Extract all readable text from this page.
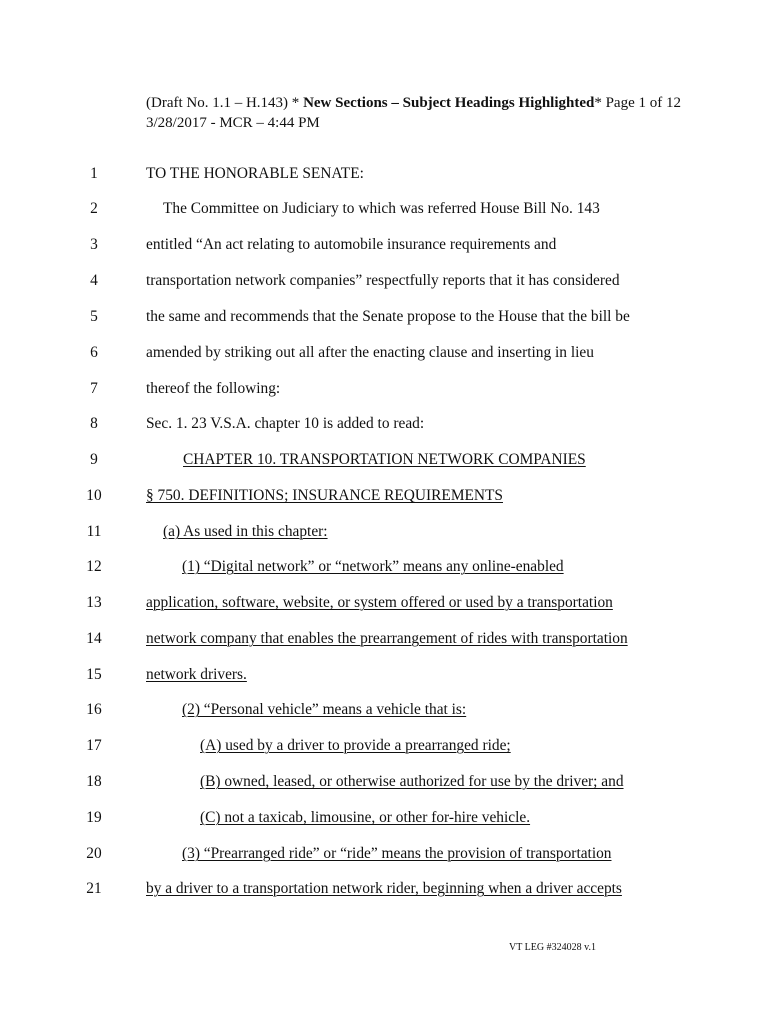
(Draft No. 1.1 – H.143) * New Sections – Subject Headings Highlighted* Page 1 of 12
3/28/2017 - MCR – 4:44 PM
1	TO THE HONORABLE SENATE:
2	The Committee on Judiciary to which was referred House Bill No. 143
3	entitled “An act relating to automobile insurance requirements and
4	transportation network companies” respectfully reports that it has considered
5	the same and recommends that the Senate propose to the House that the bill be
6	amended by striking out all after the enacting clause and inserting in lieu
7	thereof the following:
8	Sec. 1. 23 V.S.A. chapter 10 is added to read:
9	CHAPTER 10. TRANSPORTATION NETWORK COMPANIES
10	§ 750. DEFINITIONS; INSURANCE REQUIREMENTS
11	(a) As used in this chapter:
12	(1) “Digital network” or “network” means any online-enabled
13	application, software, website, or system offered or used by a transportation
14	network company that enables the prearrangement of rides with transportation
15	network drivers.
16	(2) “Personal vehicle” means a vehicle that is:
17	(A) used by a driver to provide a prearranged ride;
18	(B) owned, leased, or otherwise authorized for use by the driver; and
19	(C) not a taxicab, limousine, or other for-hire vehicle.
20	(3) “Prearranged ride” or “ride” means the provision of transportation
21	by a driver to a transportation network rider, beginning when a driver accepts
VT LEG #324028 v.1
